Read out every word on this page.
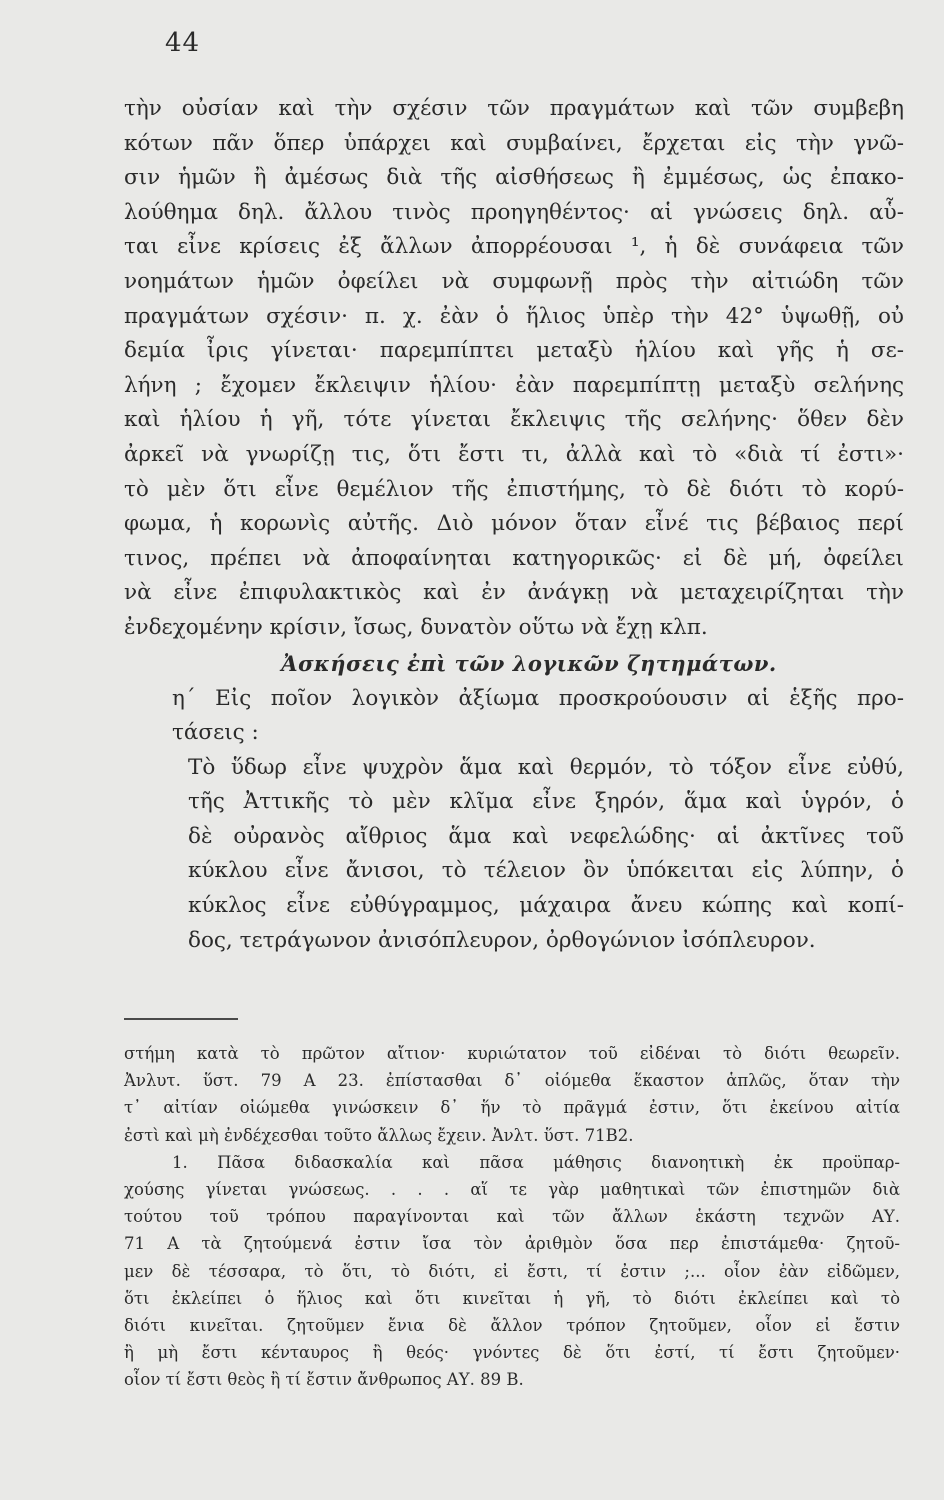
44
τὴν οὐσίαν καὶ τὴν σχέσιν τῶν πραγμάτων καὶ τῶν συμβεβη
κότων πᾶν ὅπερ ὑπάρχει καὶ συμβαίνει, ἔρχεται εἰς τὴν γνῶ-
σιν ἡμῶν ἢ ἀμέσως διὰ τῆς αἰσθήσεως ἢ ἐμμέσως, ὡς ἐπακο-
λούθημα δηλ. ἄλλου τινὸς προηγηθέντος· αἱ γνώσεις δηλ. αὗ-
ται εἶνε κρίσεις ἐξ ἄλλων ἀπορρέουσαι ¹, ἡ δὲ συνάφεια τῶν
νοημάτων ἡμῶν ὀφείλει νὰ συμφωνῇ πρὸς τὴν αἰτιώδη τῶν
πραγμάτων σχέσιν· π. χ. ἐὰν ὁ ἥλιος ὑπὲρ τὴν 42° ὑψωθῇ, οὐ
δεμία ἶρις γίνεται· παρεμπίπτει μεταξὺ ἡλίου καὶ γῆς ἡ σε-
λήνη ; ἔχομεν ἔκλειψιν ἡλίου· ἐὰν παρεμπίπτῃ μεταξὺ σελήνης
καὶ ἡλίου ἡ γῆ, τότε γίνεται ἔκλειψις τῆς σελήνης· ὅθεν δὲν
ἀρκεῖ νὰ γνωρίζῃ τις, ὅτι ἔστι τι, ἀλλὰ καὶ τὸ «διὰ τί ἐστι»·
τὸ μὲν ὅτι εἶνε θεμέλιον τῆς ἐπιστήμης, τὸ δὲ διότι τὸ κορύ-
φωμα, ἡ κορωνὶς αὐτῆς. Διὸ μόνον ὅταν εἶνέ τις βέβαιος περί
τινος, πρέπει νὰ ἀποφαίνηται κατηγορικῶς· εἰ δὲ μή, ὀφείλει
νὰ εἶνε ἐπιφυλακτικὸς καὶ ἐν ἀνάγκῃ νὰ μεταχειρίζηται τὴν
ἐνδεχομένην κρίσιν, ἴσως, δυνατὸν οὕτω νὰ ἔχῃ κλπ.
Ἀσκήσεις ἐπὶ τῶν λογικῶν ζητημάτων.
η´ Εἰς ποῖον λογικὸν ἀξίωμα προσκρούουσιν αἱ ἑξῆς προ-
τάσεις :
Τὸ ὕδωρ εἶνε ψυχρὸν ἅμα καὶ θερμόν, τὸ τόξον εἶνε εὐθύ,
τῆς Ἀττικῆς τὸ μὲν κλῖμα εἶνε ξηρόν, ἅμα καὶ ὑγρόν, ὁ
δὲ οὐρανὸς αἴθριος ἅμα καὶ νεφελώδης· αἱ ἀκτῖνες τοῦ
κύκλου εἶνε ἄνισοι, τὸ τέλειον ὂν ὑπόκειται εἰς λύπην, ὁ
κύκλος εἶνε εὐθύγραμμος, μάχαιρα ἄνευ κώπης καὶ κοπί-
δος, τετράγωνον ἀνισόπλευρον, ὀρθογώνιον ἰσόπλευρον.
στήμη κατὰ τὸ πρῶτον αἴτιον· κυριώτατον τοῦ εἰδέναι τὸ διότι θεωρεῖν.
Ἀνλυτ. ὕστ. 79 Α 23. ἐπίστασθαι δ᾽ οἰόμεθα ἕκαστον ἁπλῶς, ὅταν τὴν
τ᾽ αἰτίαν οἰώμεθα γινώσκειν δ᾽ ἥν τὸ πρᾶγμά ἐστιν, ὅτι ἐκείνου αἰτία
ἐστὶ καὶ μὴ ἐνδέχεσθαι τοῦτο ἄλλως ἔχειν. Ἀνλτ. ὕστ. 71Β2.
1. Πᾶσα διδασκαλία καὶ πᾶσα μάθησις διανοητικὴ ἐκ προϋπαρ-
χούσης γίνεται γνώσεως. . . . αἵ τε γὰρ μαθητικαὶ τῶν ἐπιστημῶν διὰ
τούτου τοῦ τρόπου παραγίνονται καὶ τῶν ἄλλων ἑκάστη τεχνῶν ΑΥ.
71 Α τὰ ζητούμενά ἐστιν ἴσα τὸν ἀριθμὸν ὅσα περ ἐπιστάμεθα· ζητοῦ-
μεν δὲ τέσσαρα, τὸ ὅτι, τὸ διότι, εἰ ἔστι, τί ἐστιν ;... οἷον ἐὰν εἰδῶμεν,
ὅτι ἐκλείπει ὁ ἥλιος καὶ ὅτι κινεῖται ἡ γῆ, τὸ διότι ἐκλείπει καὶ τὸ
διότι κινεῖται. ζητοῦμεν ἔνια δὲ ἄλλον τρόπον ζητοῦμεν, οἷον εἰ ἔστιν
ἢ μὴ ἔστι κένταυρος ἢ θεός· γνόντες δὲ ὅτι ἐστί, τί ἔστι ζητοῦμεν·
οἷον τί ἔστι θεὸς ἢ τί ἔστιν ἄνθρωπος ΑΥ. 89 Β.
